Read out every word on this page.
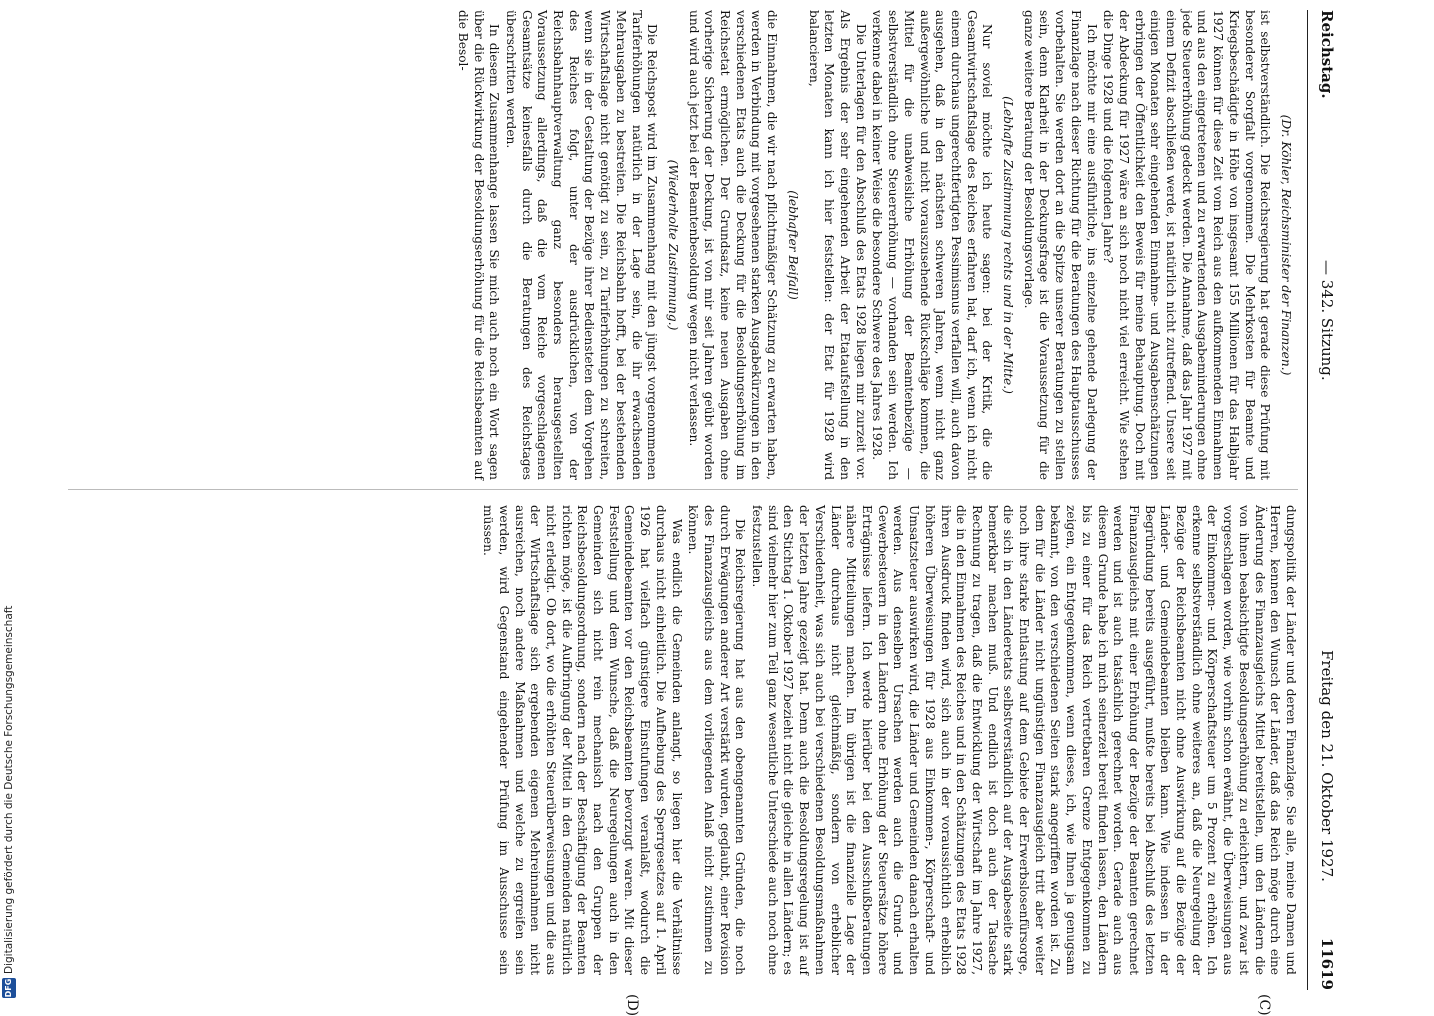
Reichstag.
— 342. Sitzung.
Freitag den 21. Oktober 1927.
11619
(C)
(D)

(Dr. Köhler, Reichsminister der Finanzen.)

ist selbstverständlich. Die Reichsregierung hat gerade diese Prüfung mit besonderer Sorgfalt vorgenommen. Die Mehrkosten für Beamte und Kriegsbeschädigte in Höhe von insgesamt 155 Millionen für das Halbjahr 1927 können für diese Zeit vom Reich aus den aufkommenden Einnahmen und aus den eingetretenen und zu erwartenden Ausgabeminderungen ohne jede Steuererhöhung gedeckt werden. Die Annahme, daß das Jahr 1927 mit einem Defizit abschließen werde, ist natürlich nicht zutreffend. Unsere seit einigen Monaten sehr eingehenden Einnahme- und Ausgabenschätzungen erbringen der Öffentlichkeit den Beweis für meine Behauptung. Doch mit der Abdeckung für 1927 wäre an sich noch nicht viel erreicht. Wie stehen die Dinge 1928 und die folgenden Jahre?

Ich möchte mir eine ausführliche, ins einzelne gehende Darlegung der Finanzlage nach dieser Richtung für die Beratungen des Hauptausschusses vorbehalten. Sie werden dort an die Spitze unserer Beratungen zu stellen sein, denn Klarheit in der Deckungsfrage ist die Voraussetzung für die ganze weitere Beratung der Besoldungsvorlage.

(Lebhafte Zustimmung rechts und in der Mitte.)

Nur soviel möchte ich heute sagen: bei der Kritik, die die Gesamtwirtschaftslage des Reiches erfahren hat, darf ich, wenn ich nicht einem durchaus ungerechtfertigten Pessimismus verfallen will, auch davon ausgehen, daß in den nächsten schweren Jahren, wenn nicht ganz außergewöhnliche und nicht vorauszusehende Rückschläge kommen, die Mittel für die unabweisliche Erhöhung der Beamtenbezüge — selbstverständlich ohne Steuererhöhung — vorhanden sein werden. Ich verkenne dabei in keiner Weise die besondere Schwere des Jahres 1928.

Die Unterlagen für den Abschluß des Etats 1928 liegen mir zurzeit vor. Als Ergebnis der sehr eingehenden Arbeit der Etataufstellung in den letzten Monaten kann ich hier feststellen: der Etat für 1928 wird balancieren,

(lebhafter Beifall)

die Einnahmen, die wir nach pflichtmäßiger Schätzung zu erwarten haben, werden in Verbindung mit vorgesehenen starken Ausgabekürzungen in den verschiedenen Etats auch die Deckung für die Besoldungserhöhung im Reichsetat ermöglichen. Der Grundsatz, keine neuen Ausgaben ohne vorherige Sicherung der Deckung, ist von mir seit Jahren geübt worden und wird auch jetzt bei der Beamtenbesoldung wegen nicht verlassen.

(Wiederholte Zustimmung.)

Die Reichspost wird im Zusammenhang mit den jüngst vorgenommenen Tariferhöhungen natürlich in der Lage sein, die ihr erwachsenden Mehrausgaben zu bestreiten. Die Reichsbahn hofft, bei der bestehenden Wirtschaftslage nicht genötigt zu sein, zu Tariferhöhungen zu schreiten, wenn sie in der Gestaltung der Bezüge ihrer Bediensteten dem Vorgehen des Reiches folgt, unter der ausdrücklichen, von der Reichsbahnhauptverwaltung ganz besonders herausgestellten Voraussetzung allerdings, daß die vom Reiche vorgeschlagenen Gesamtsätze keinesfalls durch die Beratungen des Reichstages überschritten werden.

In diesem Zusammenhange lassen Sie mich auch noch ein Wort sagen über die Rückwirkung der Besoldungserhöhung für die Reichsbeamten auf die Besol-

dungspolitik der Länder und deren Finanzlage. Sie alle, meine Damen und Herren, kennen den Wunsch der Länder, daß das Reich möge durch eine Änderung des Finanzausgleichs Mittel bereitstellen, um den Ländern die von ihnen beabsichtigte Besoldungserhöhung zu erleichtern, und zwar ist vorgeschlagen worden, wie vorhin schon erwähnt, die Überweisungen aus der Einkommen- und Körperschaftsteuer um 5 Prozent zu erhöhen. Ich erkenne selbstverständlich ohne weiteres an, daß die Neuregelung der Bezüge der Reichsbeamten nicht ohne Auswirkung auf die Bezüge der Länder- und Gemeindebeamten bleiben kann. Wie indessen in der Begründung bereits ausgeführt, mußte bereits bei Abschluß des letzten Finanzausgleichs mit einer Erhöhung der Bezüge der Beamten gerechnet werden und ist auch tatsächlich gerechnet worden. Gerade auch aus diesem Grunde habe ich mich seinerzeit bereit finden lassen, den Ländern bis zu einer für das Reich vertretbaren Grenze Entgegenkommen zu zeigen, ein Entgegenkommen, wenn dieses, ich, wie Ihnen ja genugsam bekannt, von den verschiedenen Seiten stark angegriffen worden ist. Zu dem für die Länder nicht ungünstigen Finanzausgleich tritt aber weiter noch ihre starke Entlastung auf dem Gebiete der Erwerbslosenfürsorge, die sich in den Länderetats selbstverständlich auf der Ausgabeseite stark bemerkbar machen muß. Und endlich ist doch auch der Tatsache Rechnung zu tragen, daß die Entwicklung der Wirtschaft im Jahre 1927, die in den Einnahmen des Reiches und in den Schätzungen des Etats 1928 ihren Ausdruck finden wird, sich auch in der voraussichtlich erheblich höheren Überweisungen für 1928 aus Einkommen-, Körperschaft- und Umsatzsteuer auswirken wird, die Länder und Gemeinden danach erhalten werden. Aus denselben Ursachen werden auch die Grund- und Gewerbesteuern in den Ländern ohne Erhöhung der Steuersätze höhere Erträgnisse liefern. Ich werde hierüber bei den Ausschußberatungen nähere Mitteilungen machen. Im übrigen ist die finanzielle Lage der Länder durchaus nicht gleichmäßig, sondern von erheblicher Verschiedenheit, was sich auch bei verschiedenen Besoldungsmaßnahmen der letzten Jahre gezeigt hat. Denn auch die Besoldungsregelung ist auf den Stichtag 1. Oktober 1927 bezieht nicht die gleiche in allen Ländern; es sind vielmehr hier zum Teil ganz wesentliche Unterschiede auch noch ohne festzustellen.

Die Reichsregierung hat aus den obengenannten Gründen, die noch durch Erwägungen anderer Art verstärkt wurden, geglaubt, einer Revision des Finanzausgleichs aus dem vorliegenden Anlaß nicht zustimmen zu können.

Was endlich die Gemeinden anlangt, so liegen hier die Verhältnisse durchaus nicht einheitlich. Die Aufhebung des Sperrgesetzes auf 1. April 1926 hat vielfach günstigere Einstufungen veranlaßt, wodurch die Gemeindebeamten vor den Reichsbeamten bevorzugt waren. Mit dieser Feststellung und dem Wunsche, daß die Neuregelungen auch in den Gemeinden sich nicht rein mechanisch nach den Gruppen der Reichsbesoldungsordnung, sondern nach der Beschäftigung der Beamten richten möge, ist die Aufbringung der Mittel in den Gemeinden natürlich nicht erledigt. Ob dort, wo die erhöhten Steuerüberweisungen und die aus der Wirtschaftslage sich ergebenden eigenen Mehreinnahmen nicht ausreichen, noch andere Maßnahmen und welche zu ergreifen sein werden, wird Gegenstand eingehender Prüfung im Ausschusse sein müssen.

DFG
Digitalisierung gefördert durch die Deutsche Forschungsgemeinschaft
